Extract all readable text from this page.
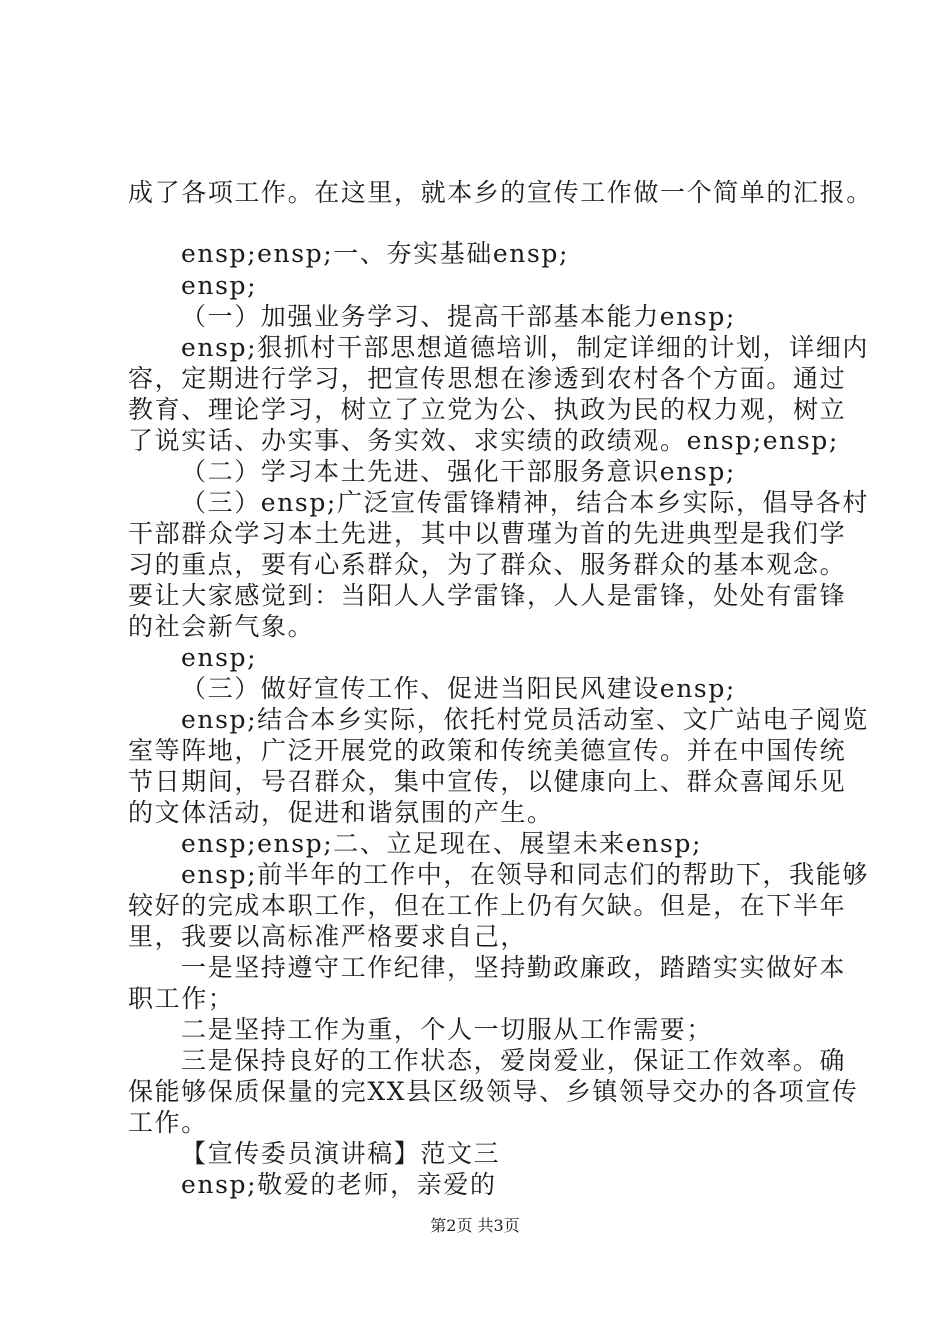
成了各项工作。在这里，就本乡的宣传工作做一个简单的汇报。
ensp;ensp;一、夯实基础ensp;
ensp;
（一）加强业务学习、提高干部基本能力ensp;
ensp;狠抓村干部思想道德培训，制定详细的计划，详细内
容，定期进行学习，把宣传思想在渗透到农村各个方面。通过
教育、理论学习，树立了立党为公、执政为民的权力观，树立
了说实话、办实事、务实效、求实绩的政绩观。ensp;ensp;
（二）学习本土先进、强化干部服务意识ensp;
（三）ensp;广泛宣传雷锋精神，结合本乡实际，倡导各村
干部群众学习本土先进，其中以曹瑾为首的先进典型是我们学
习的重点，要有心系群众，为了群众、服务群众的基本观念。
要让大家感觉到：当阳人人学雷锋，人人是雷锋，处处有雷锋
的社会新气象。
ensp;
（三）做好宣传工作、促进当阳民风建设ensp;
ensp;结合本乡实际，依托村党员活动室、文广站电子阅览
室等阵地，广泛开展党的政策和传统美德宣传。并在中国传统
节日期间，号召群众，集中宣传，以健康向上、群众喜闻乐见
的文体活动，促进和谐氛围的产生。
ensp;ensp;二、立足现在、展望未来ensp;
ensp;前半年的工作中，在领导和同志们的帮助下，我能够
较好的完成本职工作，但在工作上仍有欠缺。但是，在下半年
里，我要以高标准严格要求自己，
一是坚持遵守工作纪律，坚持勤政廉政，踏踏实实做好本
职工作；
二是坚持工作为重，个人一切服从工作需要；
三是保持良好的工作状态，爱岗爱业，保证工作效率。确
保能够保质保量的完XX县区级领导、乡镇领导交办的各项宣传
工作。
【宣传委员演讲稿】范文三
ensp;敬爱的老师，亲爱的
第2页 共3页
